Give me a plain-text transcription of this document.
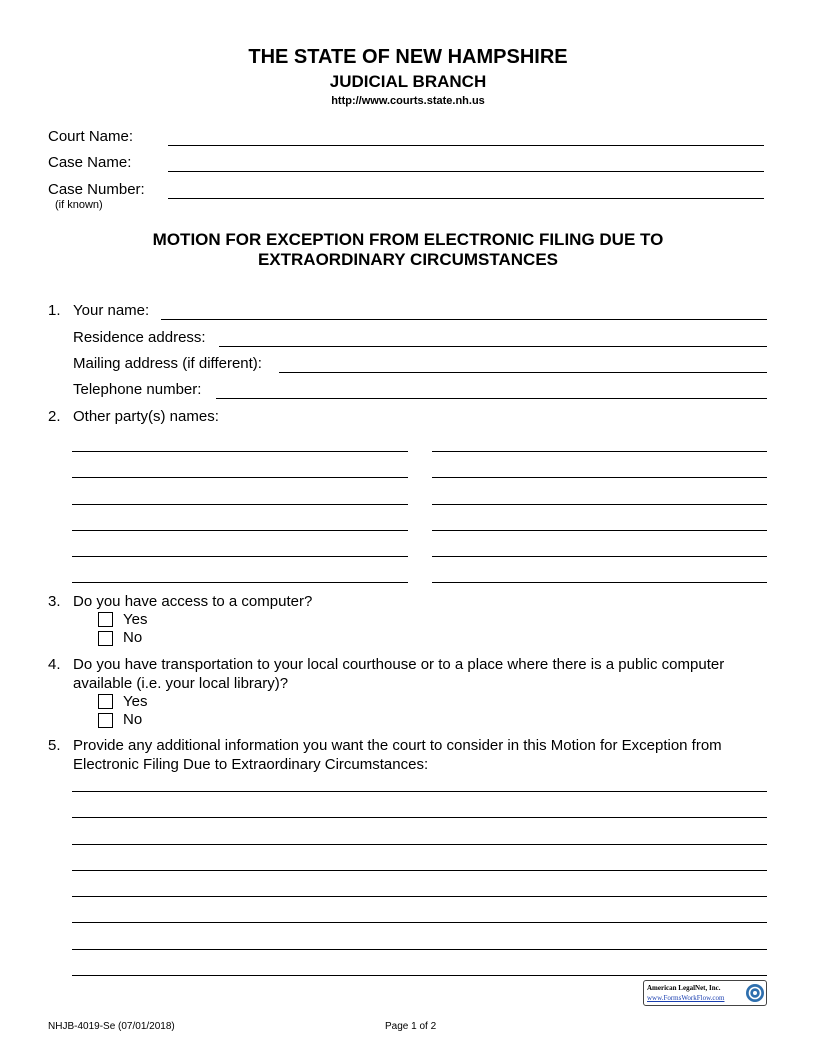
THE STATE OF NEW HAMPSHIRE
JUDICIAL BRANCH
http://www.courts.state.nh.us
Court Name:
Case Name:
Case Number:
(if known)
MOTION FOR EXCEPTION FROM ELECTRONIC FILING DUE TO
EXTRAORDINARY CIRCUMSTANCES
1. Your name:
Residence address:
Mailing address (if different):
Telephone number:
2. Other party(s) names:
3. Do you have access to a computer?
Yes
No
4. Do you have transportation to your local courthouse or to a place where there is a public computer
available (i.e. your local library)?
Yes
No
5. Provide any additional information you want the court to consider in this Motion for Exception from
Electronic Filing Due to Extraordinary Circumstances:
American LegalNet, Inc.
www.FormsWorkFlow.com
NHJB-4019-Se (07/01/2018)	Page 1 of 2
